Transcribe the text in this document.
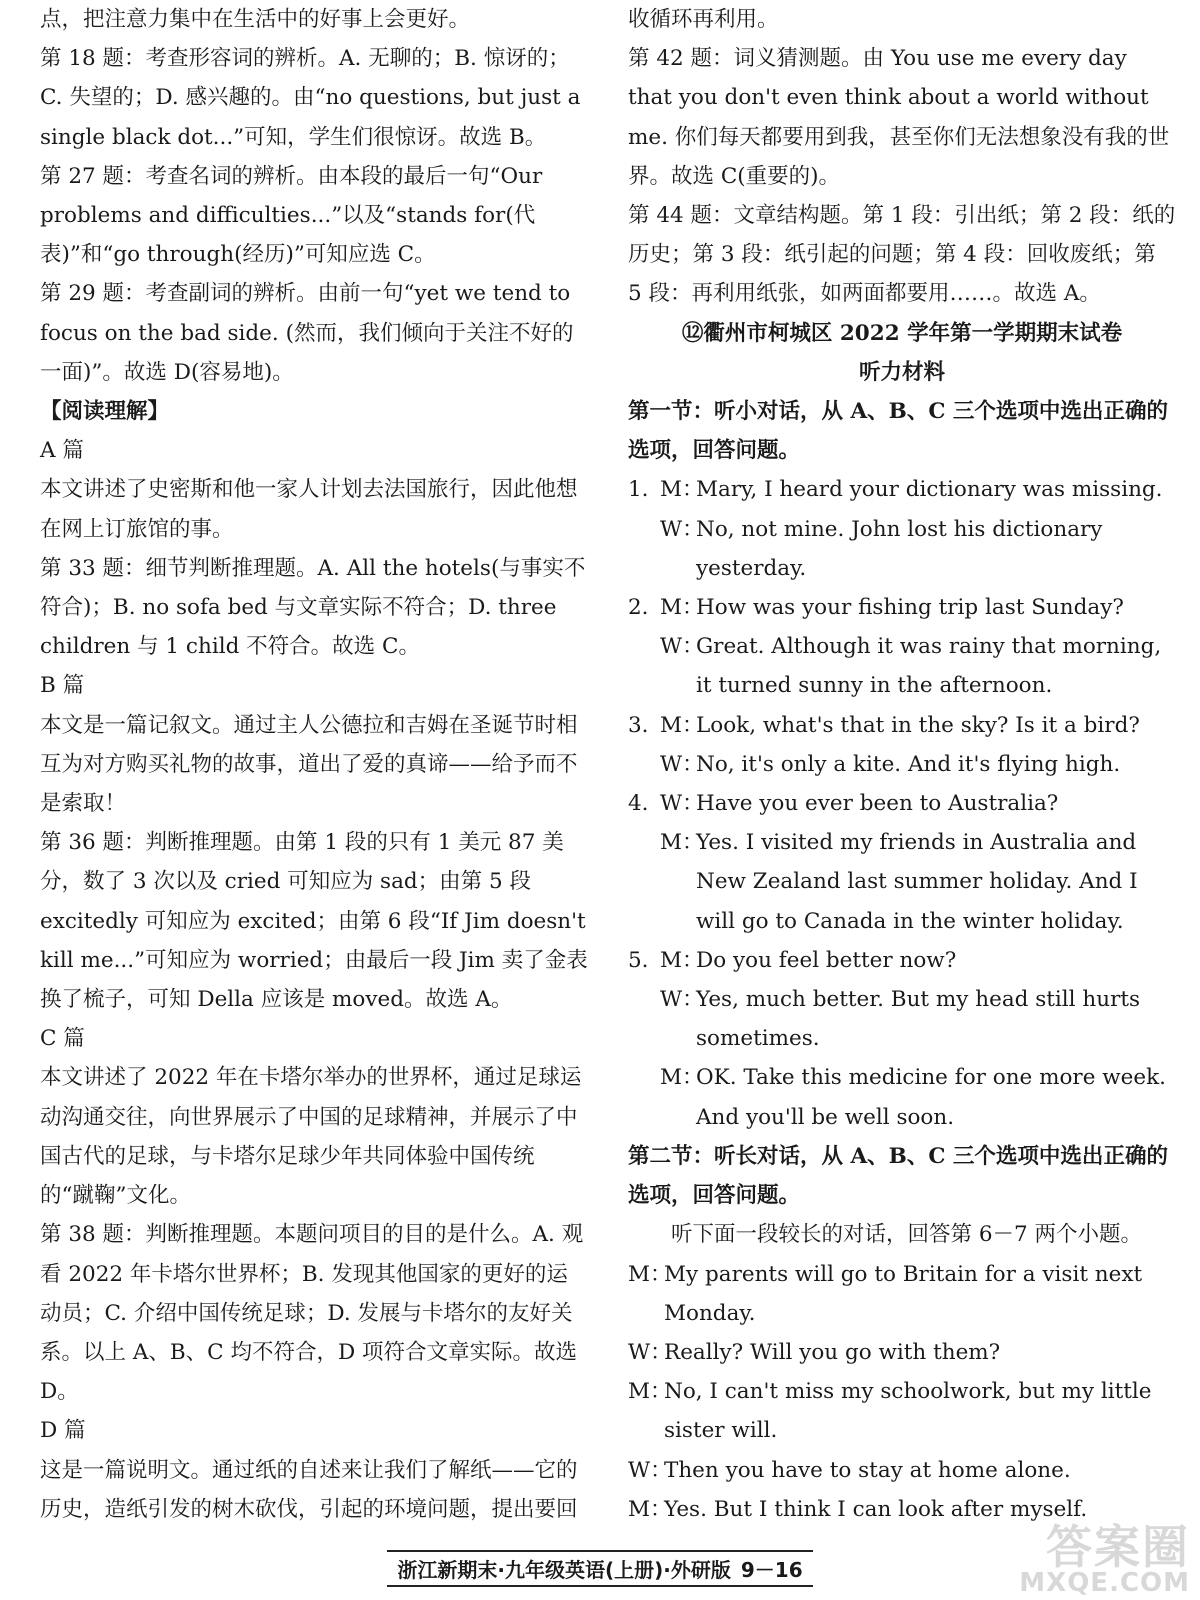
点，把注意力集中在生活中的好事上会更好。

第 18 题：考查形容词的辨析。A. 无聊的；B. 惊讶的；C. 失望的；D. 感兴趣的。由“no questions, but just a single black dot...”可知，学生们很惊讶。故选 B。

第 27 题：考查名词的辨析。由本段的最后一句“Our problems and difficulties...”以及“stands for(代表)”和“go through(经历)”可知应选 C。

第 29 题：考查副词的辨析。由前一句“yet we tend to focus on the bad side. (然而，我们倾向于关注不好的一面)”。故选 D(容易地)。

【阅读理解】

A 篇

本文讲述了史密斯和他一家人计划去法国旅行，因此他想在网上订旅馆的事。

第 33 题：细节判断推理题。A. All the hotels(与事实不符合)；B. no sofa bed 与文章实际不符合；D. three children 与 1 child 不符合。故选 C。

B 篇

本文是一篇记叙文。通过主人公德拉和吉姆在圣诞节时相互为对方购买礼物的故事，道出了爱的真谛——给予而不是索取！

第 36 题：判断推理题。由第 1 段的只有 1 美元 87 美分，数了 3 次以及 cried 可知应为 sad；由第 5 段 excitedly 可知应为 excited；由第 6 段“If Jim doesn't kill me...”可知应为 worried；由最后一段 Jim 卖了金表换了梳子，可知 Della 应该是 moved。故选 A。

C 篇

本文讲述了 2022 年在卡塔尔举办的世界杯，通过足球运动沟通交往，向世界展示了中国的足球精神，并展示了中国古代的足球，与卡塔尔足球少年共同体验中国传统的“蹴鞠”文化。

第 38 题：判断推理题。本题问项目的目的是什么。A. 观看 2022 年卡塔尔世界杯；B. 发现其他国家的更好的运动员；C. 介绍中国传统足球；D. 发展与卡塔尔的友好关系。以上 A、B、C 均不符合，D 项符合文章实际。故选 D。

D 篇

这是一篇说明文。通过纸的自述来让我们了解纸——它的历史，造纸引发的树木砍伐，引起的环境问题，提出要回

收循环再利用。

第 42 题：词义猜测题。由 You use me every day that you don't even think about a world without me. 你们每天都要用到我，甚至你们无法想象没有我的世界。故选 C(重要的)。

第 44 题：文章结构题。第 1 段：引出纸；第 2 段：纸的历史；第 3 段：纸引起的问题；第 4 段：回收废纸；第 5 段：再利用纸张，如两面都要用……。故选 A。

⑫衢州市柯城区 2022 学年第一学期期末试卷

听力材料

第一节：听小对话，从 A、B、C 三个选项中选出正确的选项，回答问题。

1. M：
Mary, I heard your dictionary was missing.
W：
No, not mine. John lost his dictionary yesterday.
2. M：
How was your fishing trip last Sunday?
W：
Great. Although it was rainy that morning, it turned sunny in the afternoon.
3. M：
Look, what's that in the sky? Is it a bird?
W：
No, it's only a kite. And it's flying high.
4. W：
Have you ever been to Australia?
M：
Yes. I visited my friends in Australia and New Zealand last summer holiday. And I will go to Canada in the winter holiday.
5. M：
Do you feel better now?
W：
Yes, much better. But my head still hurts sometimes.
M：
OK. Take this medicine for one more week. And you'll be well soon.

第二节：听长对话，从 A、B、C 三个选项中选出正确的选项，回答问题。

听下面一段较长的对话，回答第 6－7 两个小题。

M：
My parents will go to Britain for a visit next Monday.
W：
Really? Will you go with them?
M：
No, I can't miss my schoolwork, but my little sister will.
W：
Then you have to stay at home alone.
M：
Yes. But I think I can look after myself.
浙江新期末·九年级英语(上册)·外研版 9－16	答案圈
MXQE.COM
